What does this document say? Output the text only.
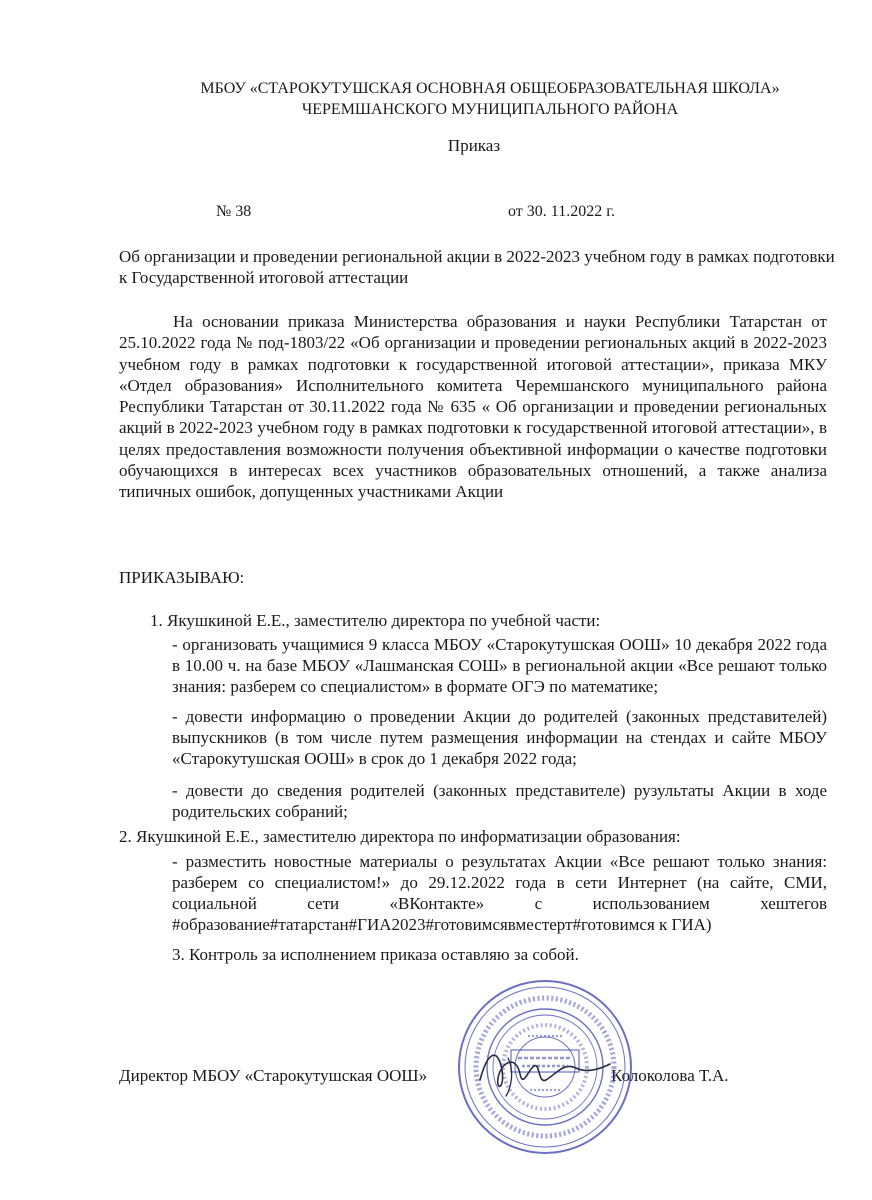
МБОУ «СТАРОКУТУШСКАЯ ОСНОВНАЯ ОБЩЕОБРАЗОВАТЕЛЬНАЯ ШКОЛА»
ЧЕРЕМШАНСКОГО МУНИЦИПАЛЬНОГО РАЙОНА
Приказ
№ 38	от 30. 11.2022 г.
Об организации и проведении региональной акции в 2022-2023 учебном году в рамках подготовки к Государственной итоговой аттестации
На основании приказа Министерства образования и науки Республики Татарстан от 25.10.2022 года № под-1803/22 «Об организации и проведении региональных акций в 2022-2023 учебном году в рамках подготовки к государственной итоговой аттестации», приказа МКУ «Отдел образования» Исполнительного комитета Черемшанского муниципального района Республики Татарстан от 30.11.2022 года № 635 « Об организации и проведении региональных акций в 2022-2023 учебном году в рамках подготовки к государственной итоговой аттестации», в целях предоставления возможности получения объективной информации о качестве подготовки обучающихся в интересах всех участников образовательных отношений, а также анализа типичных ошибок, допущенных участниками Акции
ПРИКАЗЫВАЮ:
1. Якушкиной Е.Е., заместителю директора по учебной части:
- организовать учащимися 9 класса МБОУ «Старокутушская ООШ» 10 декабря 2022 года в 10.00 ч. на базе МБОУ «Лашманская СОШ» в региональной акции «Все решают только знания: разберем со специалистом» в формате ОГЭ по математике;
- довести информацию о проведении Акции до родителей (законных представителей) выпускников (в том числе путем размещения информации на стендах и сайте МБОУ «Старокутушская ООШ» в срок до 1 декабря 2022 года;
- довести до сведения родителей (законных представителе) рузультаты Акции в ходе родительских собраний;
2. Якушкиной Е.Е., заместителю директора по информатизации образования:
- разместить новостные материалы о результатах Акции «Все решают только знания: разберем со специалистом!» до 29.12.2022 года в сети Интернет (на сайте, СМИ, социальной сети «ВКонтакте» с использованием хештегов #образование#татарстан#ГИА2023#готовимсявместерт#готовимся к ГИА)
3. Контроль за исполнением приказа оставляю за собой.
Директор МБОУ «Старокутушская ООШ»	Колоколова Т.А.
